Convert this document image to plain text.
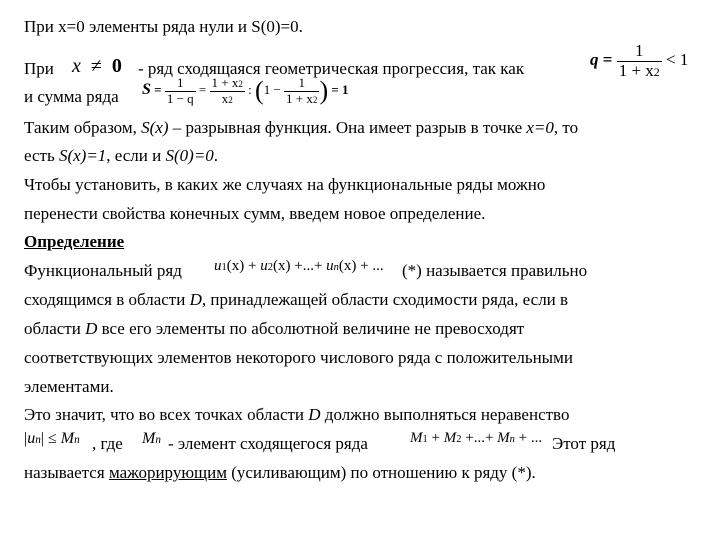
При x=0 элементы ряда нули и S(0)=0.
При x ≠ 0 - ряд сходящаяся геометрическая прогрессия, так как	$q = \frac{1}{1 + x^2} < 1$
и сумма ряда $S = \frac{1}{1 - q} = \frac{1 + x^2}{x^2}$ : ($1 - \frac{1}{1 + x^2}$ ) = 1
Таким образом, S(x) – разрывная функция. Она имеет разрыв в точке x=0, то
есть S(x)=1, если и S(0)=0.
Чтобы установить, в каких же случаях на функциональные ряды можно
перенести свойства конечных сумм, введем новое определение.
Определение
Функциональный ряд $u_1(x) + u_2(x)$ +...+ $u_n(x)$ + ... (*) называется правильно
сходящимся в области D, принадлежащей области сходимости ряда, если в
области D все его элементы по абсолютной величине не превосходят
соответствующих элементов некоторого числового ряда с положительными
элементами.
Это значит, что во всех точках области D должно выполняться неравенство
$|u_n| \le M_n$ , где $M_n$ - элемент сходящегося ряда	$M_1 + M_2$ +...+ $M_n$ + ... Этот ряд
называется мажорирующим (усиливающим) по отношению к ряду (*).
